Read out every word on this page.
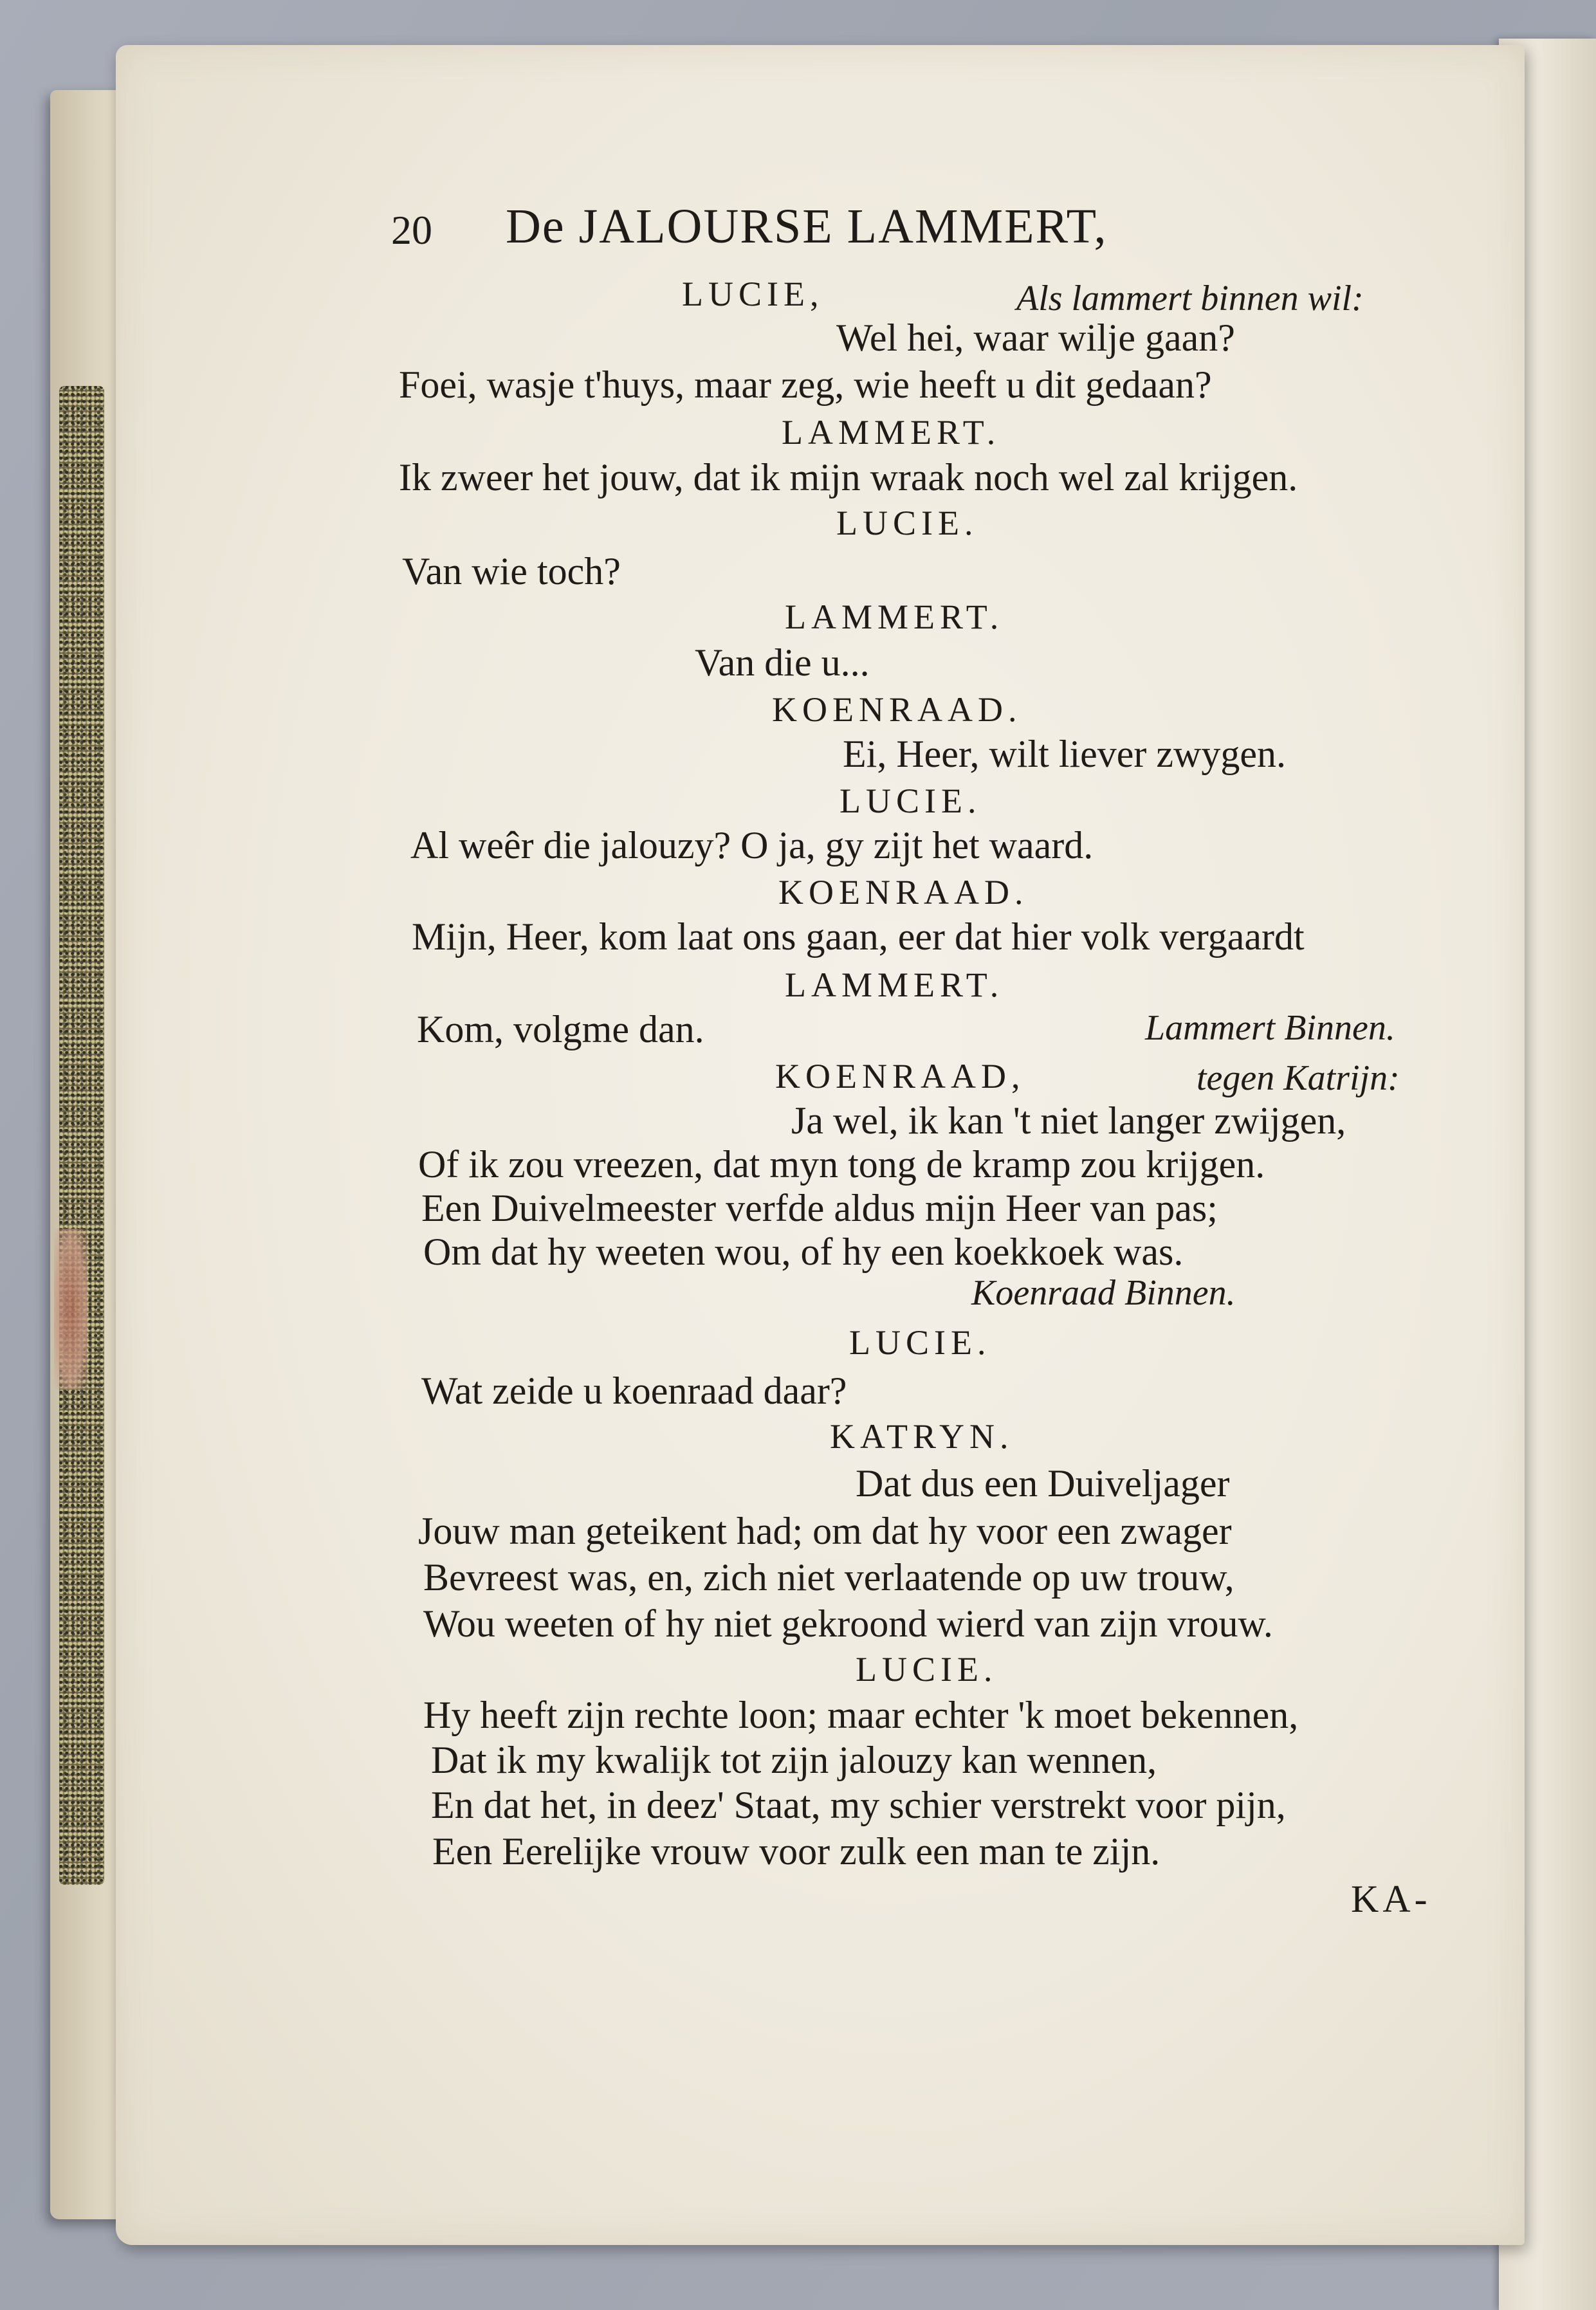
20 De JALOURSE LAMMERT,
LUCIE,	Als lammert binnen wil:
Wel hei, waar wilje gaan?
Foei, wasje t'huys, maar zeg, wie heeft u dit gedaan?
LAMMERT.
Ik zweer het jouw, dat ik mijn wraak noch wel zal krijgen.
LUCIE.
Van wie toch?
LAMMERT.
Van die u...
KOENRAAD.
Ei, Heer, wilt liever zwygen.
LUCIE.
Al weêr die jalouzy? O ja, gy zijt het waard.
KOENRAAD.
Mijn, Heer, kom laat ons gaan, eer dat hier volk vergaardt
LAMMERT.
Kom, volgme dan.	Lammert Binnen.
KOENRAAD,	tegen Katrijn:
Ja wel, ik kan 't niet langer zwijgen,
Of ik zou vreezen, dat myn tong de kramp zou krijgen.
Een Duivelmeester verfde aldus mijn Heer van pas;
Om dat hy weeten wou, of hy een koekkoek was.
Koenraad Binnen.
LUCIE.
Wat zeide u koenraad daar?
KATRYN.
Dat dus een Duiveljager
Jouw man geteikent had; om dat hy voor een zwager
Bevreest was, en, zich niet verlaatende op uw trouw,
Wou weeten of hy niet gekroond wierd van zijn vrouw.
LUCIE.
Hy heeft zijn rechte loon; maar echter 'k moet bekennen,
Dat ik my kwalijk tot zijn jalouzy kan wennen,
En dat het, in deez' Staat, my schier verstrekt voor pijn,
Een Eerelijke vrouw voor zulk een man te zijn.
KA-
